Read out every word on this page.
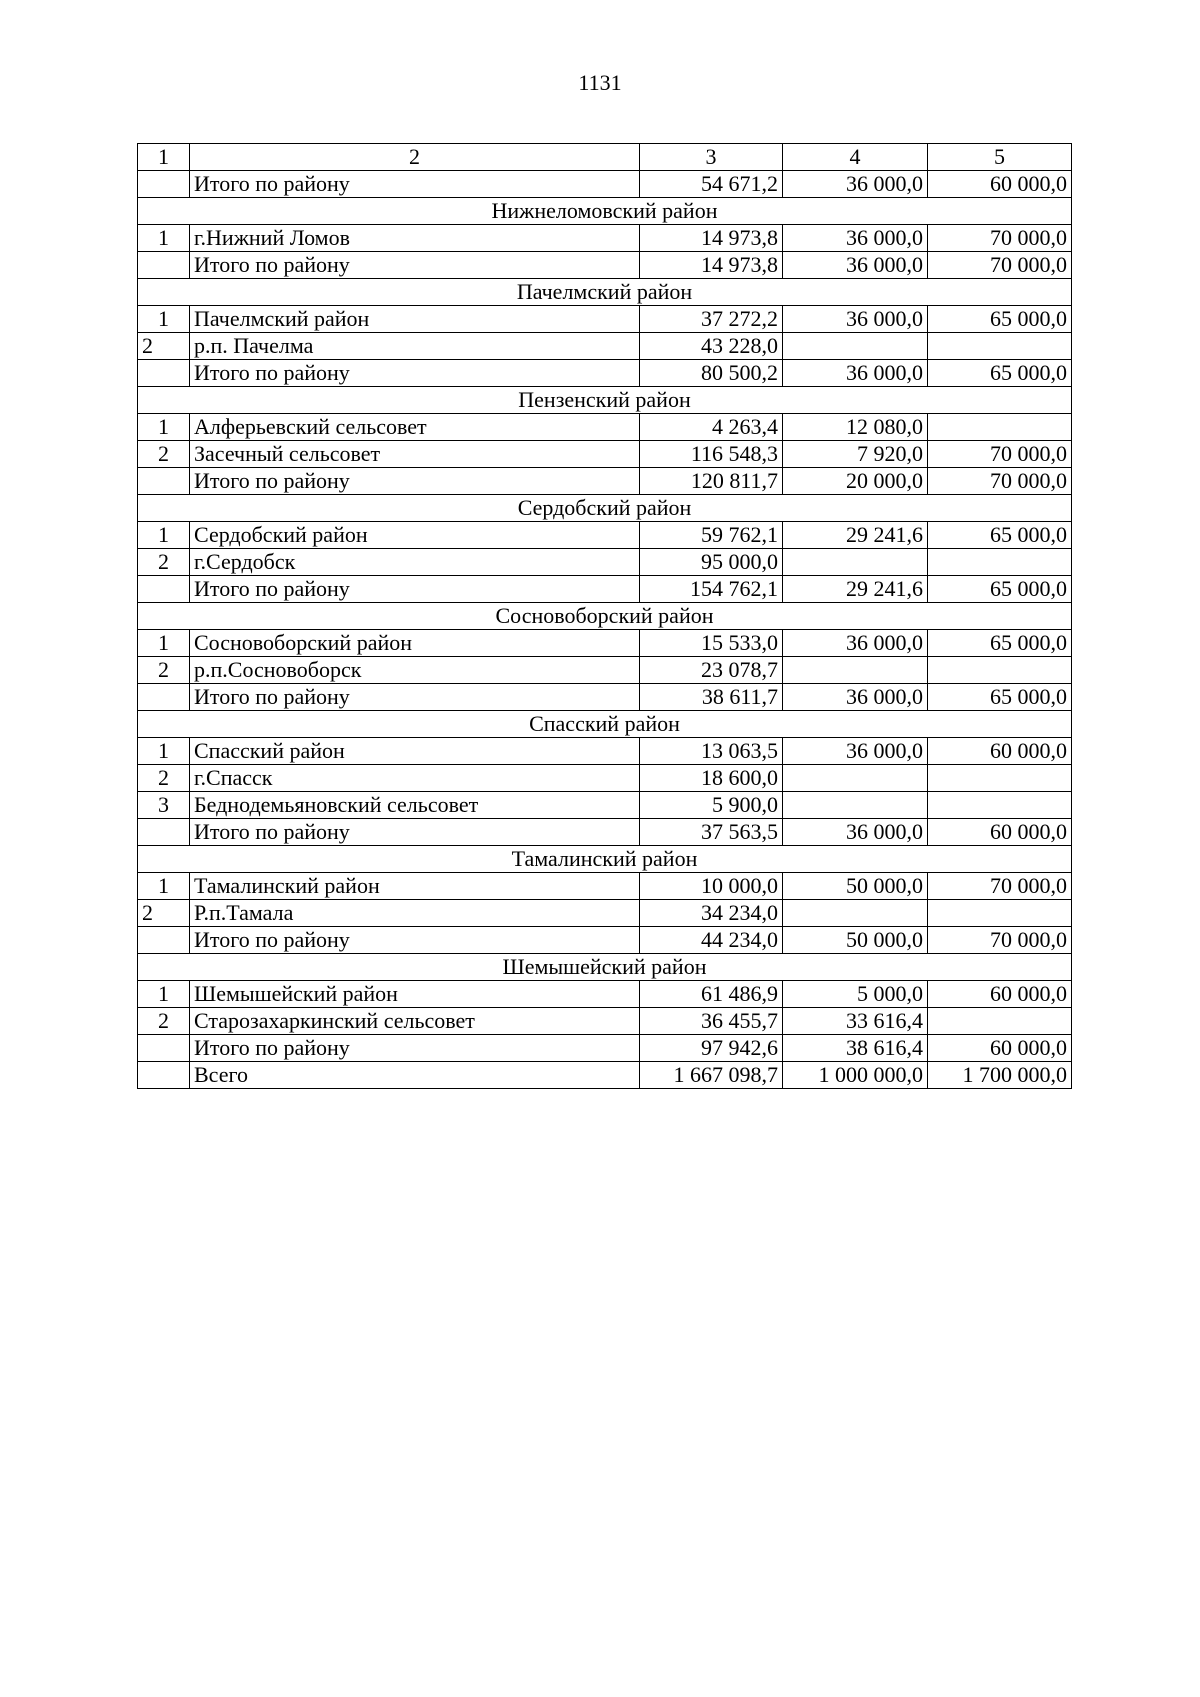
1131
1	2	3	4	5
	Итого по району	54 671,2	36 000,0	60 000,0
Нижнеломовский район				
1	г.Нижний Ломов	14 973,8	36 000,0	70 000,0
	Итого по району	14 973,8	36 000,0	70 000,0
Пачелмский район				
1	Пачелмский район	37 272,2	36 000,0	65 000,0
2	р.п. Пачелма	43 228,0		
	Итого по району	80 500,2	36 000,0	65 000,0
Пензенский район				
1	Алферьевский сельсовет	4 263,4	12 080,0	
2	Засечный сельсовет	116 548,3	7 920,0	70 000,0
	Итого по району	120 811,7	20 000,0	70 000,0
Сердобский район				
1	Сердобский район	59 762,1	29 241,6	65 000,0
2	г.Сердобск	95 000,0		
	Итого по району	154 762,1	29 241,6	65 000,0
Сосновоборский район				
1	Сосновоборский район	15 533,0	36 000,0	65 000,0
2	р.п.Сосновоборск	23 078,7		
	Итого по району	38 611,7	36 000,0	65 000,0
Спасский район				
1	Спасский район	13 063,5	36 000,0	60 000,0
2	г.Спасск	18 600,0		
3	Беднодемьяновский сельсовет	5 900,0		
	Итого по району	37 563,5	36 000,0	60 000,0
Тамалинский район				
1	Тамалинский район	10 000,0	50 000,0	70 000,0
2	Р.п.Тамала	34 234,0		
	Итого по району	44 234,0	50 000,0	70 000,0
Шемышейский район				
1	Шемышейский район	61 486,9	5 000,0	60 000,0
2	Старозахаркинский сельсовет	36 455,7	33 616,4	
	Итого по району	97 942,6	38 616,4	60 000,0
	Всего	1 667 098,7	1 000 000,0	1 700 000,0
